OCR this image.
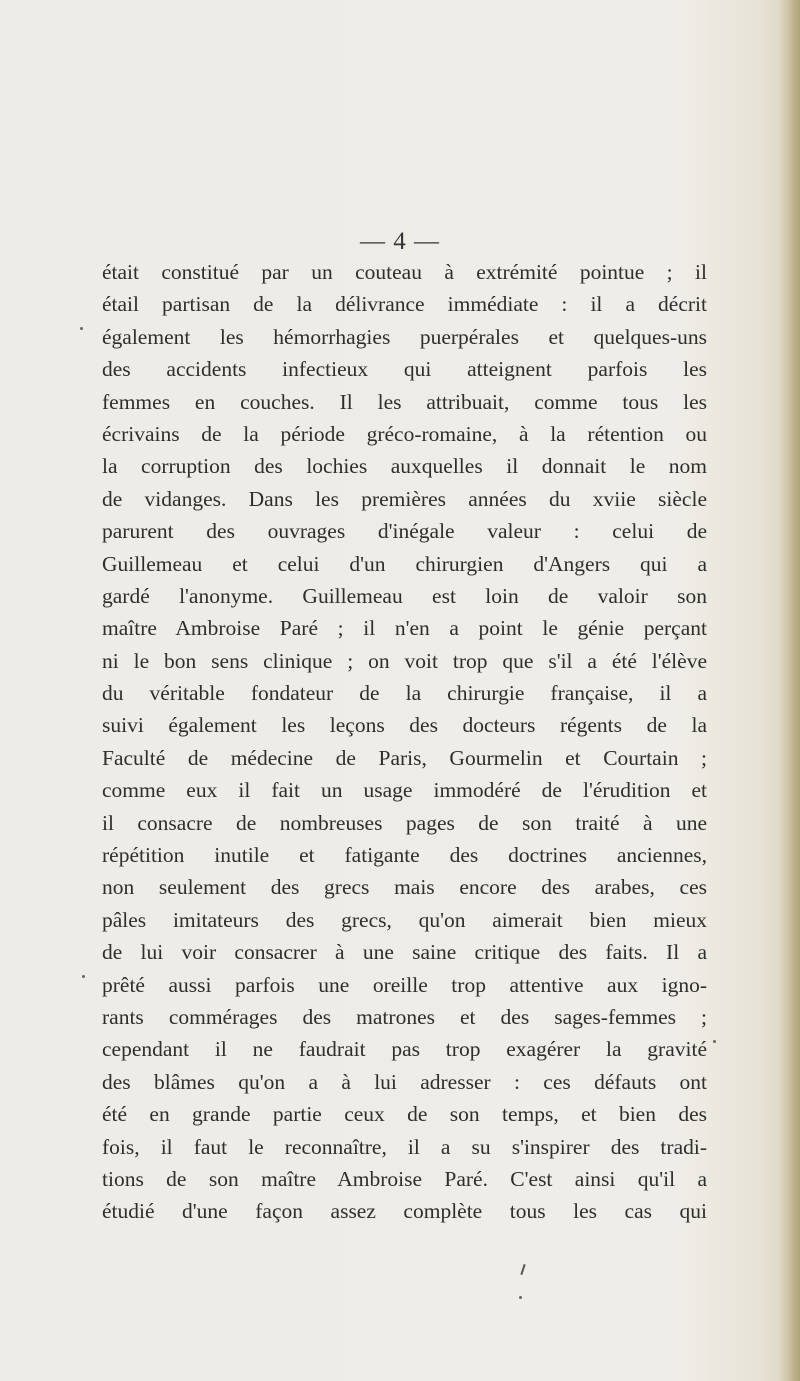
— 4 —
était constitué par un couteau à extrémité pointue ; il
étail partisan de la délivrance immédiate : il a décrit
également les hémorrhagies puerpérales et quelques-uns
des accidents infectieux qui atteignent parfois les
femmes en couches. Il les attribuait, comme tous les
écrivains de la période gréco-romaine, à la rétention ou
la corruption des lochies auxquelles il donnait le nom
de vidanges. Dans les premières années du xviie siècle
parurent des ouvrages d'inégale valeur : celui de
Guillemeau et celui d'un chirurgien d'Angers qui a
gardé l'anonyme. Guillemeau est loin de valoir son
maître Ambroise Paré ; il n'en a point le génie perçant
ni le bon sens clinique ; on voit trop que s'il a été l'élève
du véritable fondateur de la chirurgie française, il a
suivi également les leçons des docteurs régents de la
Faculté de médecine de Paris, Gourmelin et Courtain ;
comme eux il fait un usage immodéré de l'érudition et
il consacre de nombreuses pages de son traité à une
répétition inutile et fatigante des doctrines anciennes,
non seulement des grecs mais encore des arabes, ces
pâles imitateurs des grecs, qu'on aimerait bien mieux
de lui voir consacrer à une saine critique des faits. Il a
prêté aussi parfois une oreille trop attentive aux igno-
rants commérages des matrones et des sages-femmes ;
cependant il ne faudrait pas trop exagérer la gravité
des blâmes qu'on a à lui adresser : ces défauts ont
été en grande partie ceux de son temps, et bien des
fois, il faut le reconnaître, il a su s'inspirer des tradi-
tions de son maître Ambroise Paré. C'est ainsi qu'il a
étudié d'une façon assez complète tous les cas qui
